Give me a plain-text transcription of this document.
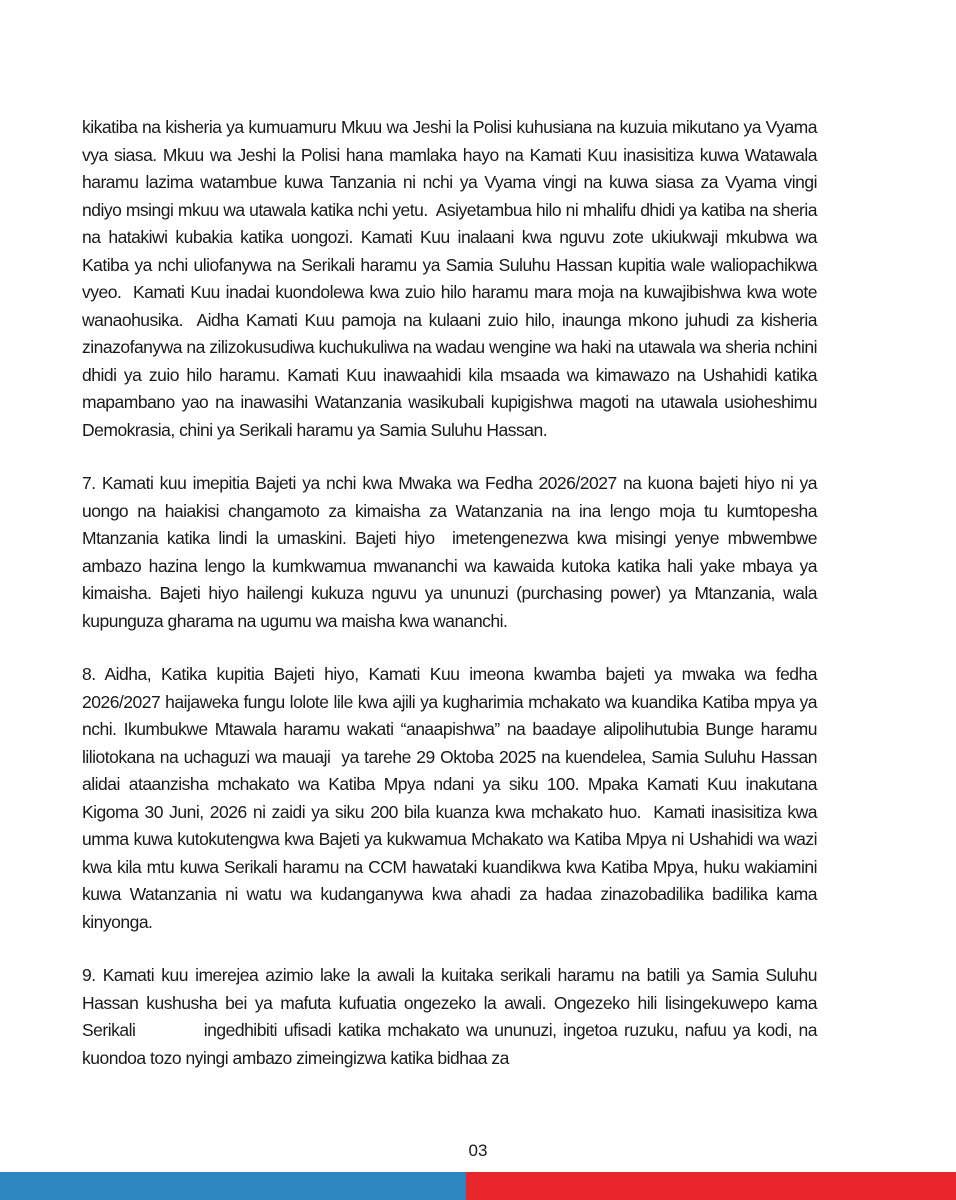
kikatiba na kisheria ya kumuamuru Mkuu wa Jeshi la Polisi kuhusiana na kuzuia mikutano ya Vyama vya siasa. Mkuu wa Jeshi la Polisi hana mamlaka hayo na Kamati Kuu inasisitiza kuwa Watawala haramu lazima watambue kuwa Tanzania ni nchi ya Vyama vingi na kuwa siasa za Vyama vingi ndiyo msingi mkuu wa utawala katika nchi yetu.  Asiyetambua hilo ni mhalifu dhidi ya katiba na sheria na hatakiwi kubakia katika uongozi. Kamati Kuu inalaani kwa nguvu zote ukiukwaji mkubwa wa Katiba ya nchi uliofanywa na Serikali haramu ya Samia Suluhu Hassan kupitia wale waliopachikwa vyeo.  Kamati Kuu inadai kuondolewa kwa zuio hilo haramu mara moja na kuwajibishwa kwa wote wanaohusika.  Aidha Kamati Kuu pamoja na kulaani zuio hilo, inaunga mkono juhudi za kisheria zinazofanywa na zilizokusudiwa kuchukuliwa na wadau wengine wa haki na utawala wa sheria nchini dhidi ya zuio hilo haramu. Kamati Kuu inawaahidi kila msaada wa kimawazo na Ushahidi katika mapambano yao na inawasihi Watanzania wasikubali kupigishwa magoti na utawala usioheshimu Demokrasia, chini ya Serikali haramu ya Samia Suluhu Hassan.

7. Kamati kuu imepitia Bajeti ya nchi kwa Mwaka wa Fedha 2026/2027 na kuona bajeti hiyo ni ya uongo na haiakisi changamoto za kimaisha za Watanzania na ina lengo moja tu kumtopesha Mtanzania katika lindi la umaskini. Bajeti hiyo  imetengenezwa kwa misingi yenye mbwembwe ambazo hazina lengo la kumkwamua mwananchi wa kawaida kutoka katika hali yake mbaya ya kimaisha. Bajeti hiyo hailengi kukuza nguvu ya ununuzi (purchasing power) ya Mtanzania, wala kupunguza gharama na ugumu wa maisha kwa wananchi.

8. Aidha, Katika kupitia Bajeti hiyo, Kamati Kuu imeona kwamba bajeti ya mwaka wa fedha 2026/2027 haijaweka fungu lolote lile kwa ajili ya kugharimia mchakato wa kuandika Katiba mpya ya nchi. Ikumbukwe Mtawala haramu wakati “anaapishwa” na baadaye alipolihutubia Bunge haramu liliotokana na uchaguzi wa mauaji  ya tarehe 29 Oktoba 2025 na kuendelea, Samia Suluhu Hassan alidai ataanzisha mchakato wa Katiba Mpya ndani ya siku 100. Mpaka Kamati Kuu inakutana Kigoma 30 Juni, 2026 ni zaidi ya siku 200 bila kuanza kwa mchakato huo.  Kamati inasisitiza kwa umma kuwa kutokutengwa kwa Bajeti ya kukwamua Mchakato wa Katiba Mpya ni Ushahidi wa wazi kwa kila mtu kuwa Serikali haramu na CCM hawataki kuandikwa kwa Katiba Mpya, huku wakiamini kuwa Watanzania ni watu wa kudanganywa kwa ahadi za hadaa zinazobadilika badilika kama kinyonga.

9. Kamati kuu imerejea azimio lake la awali la kuitaka serikali haramu na batili ya Samia Suluhu Hassan kushusha bei ya mafuta kufuatia ongezeko la awali. Ongezeko hili lisingekuwepo kama Serikali          ingedhibiti ufisadi katika mchakato wa ununuzi, ingetoa ruzuku, nafuu ya kodi, na kuondoa tozo nyingi ambazo zimeingizwa katika bidhaa za

03
